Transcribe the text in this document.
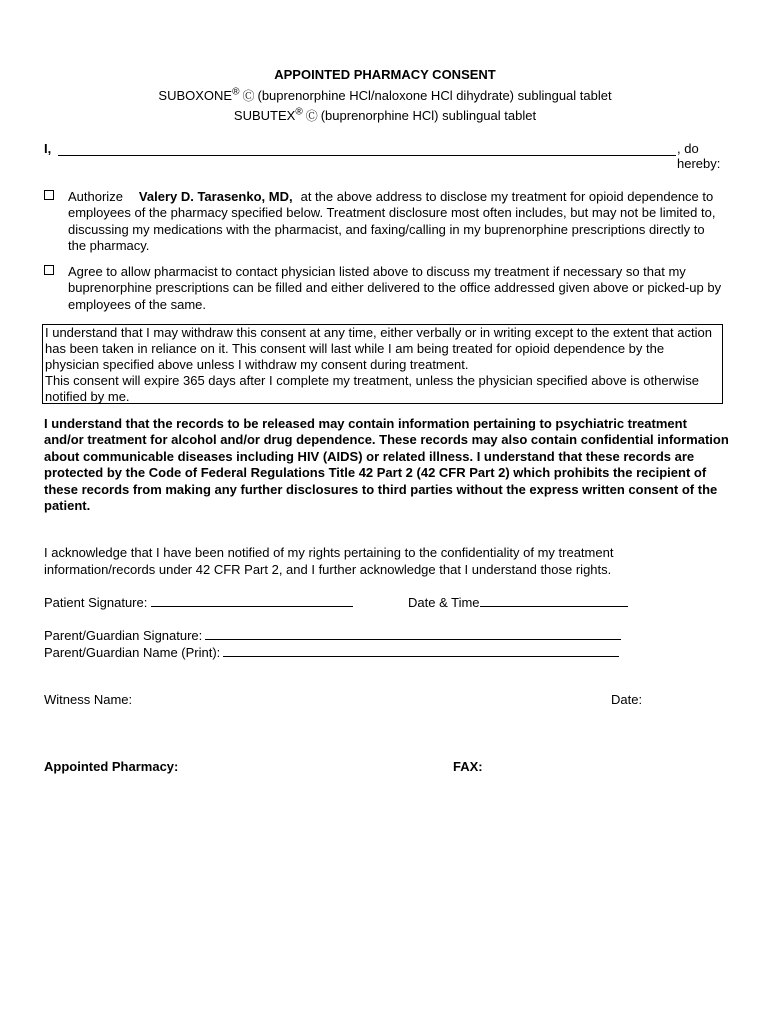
APPOINTED PHARMACY CONSENT
SUBOXONE® Ⓒ (buprenorphine HCl/naloxone HCl dihydrate) sublingual tablet
SUBUTEX® Ⓒ (buprenorphine HCl) sublingual tablet
I,	, do hereby:
Authorize Valery D. Tarasenko, MD, at the above address to disclose my treatment for opioid dependence to employees of the pharmacy specified below. Treatment disclosure most often includes, but may not be limited to, discussing my medications with the pharmacist, and faxing/calling in my buprenorphine prescriptions directly to the pharmacy.
Agree to allow pharmacist to contact physician listed above to discuss my treatment if necessary so that my buprenorphine prescriptions can be filled and either delivered to the office addressed given above or picked-up by employees of the same.
I understand that I may withdraw this consent at any time, either verbally or in writing except to the extent that action has been taken in reliance on it. This consent will last while I am being treated for opioid dependence by the physician specified above unless I withdraw my consent during treatment.
This consent will expire 365 days after I complete my treatment, unless the physician specified above is otherwise notified by me.
I understand that the records to be released may contain information pertaining to psychiatric treatment and/or treatment for alcohol and/or drug dependence. These records may also contain confidential information about communicable diseases including HIV (AIDS) or related illness. I understand that these records are protected by the Code of Federal Regulations Title 42 Part 2 (42 CFR Part 2) which prohibits the recipient of these records from making any further disclosures to third parties without the express written consent of the patient.
I acknowledge that I have been notified of my rights pertaining to the confidentiality of my treatment information/records under 42 CFR Part 2, and I further acknowledge that I understand those rights.
Patient Signature:	Date & Time
Parent/Guardian Signature:
Parent/Guardian Name (Print):
Witness Name:	Date:
Appointed Pharmacy:	FAX:
